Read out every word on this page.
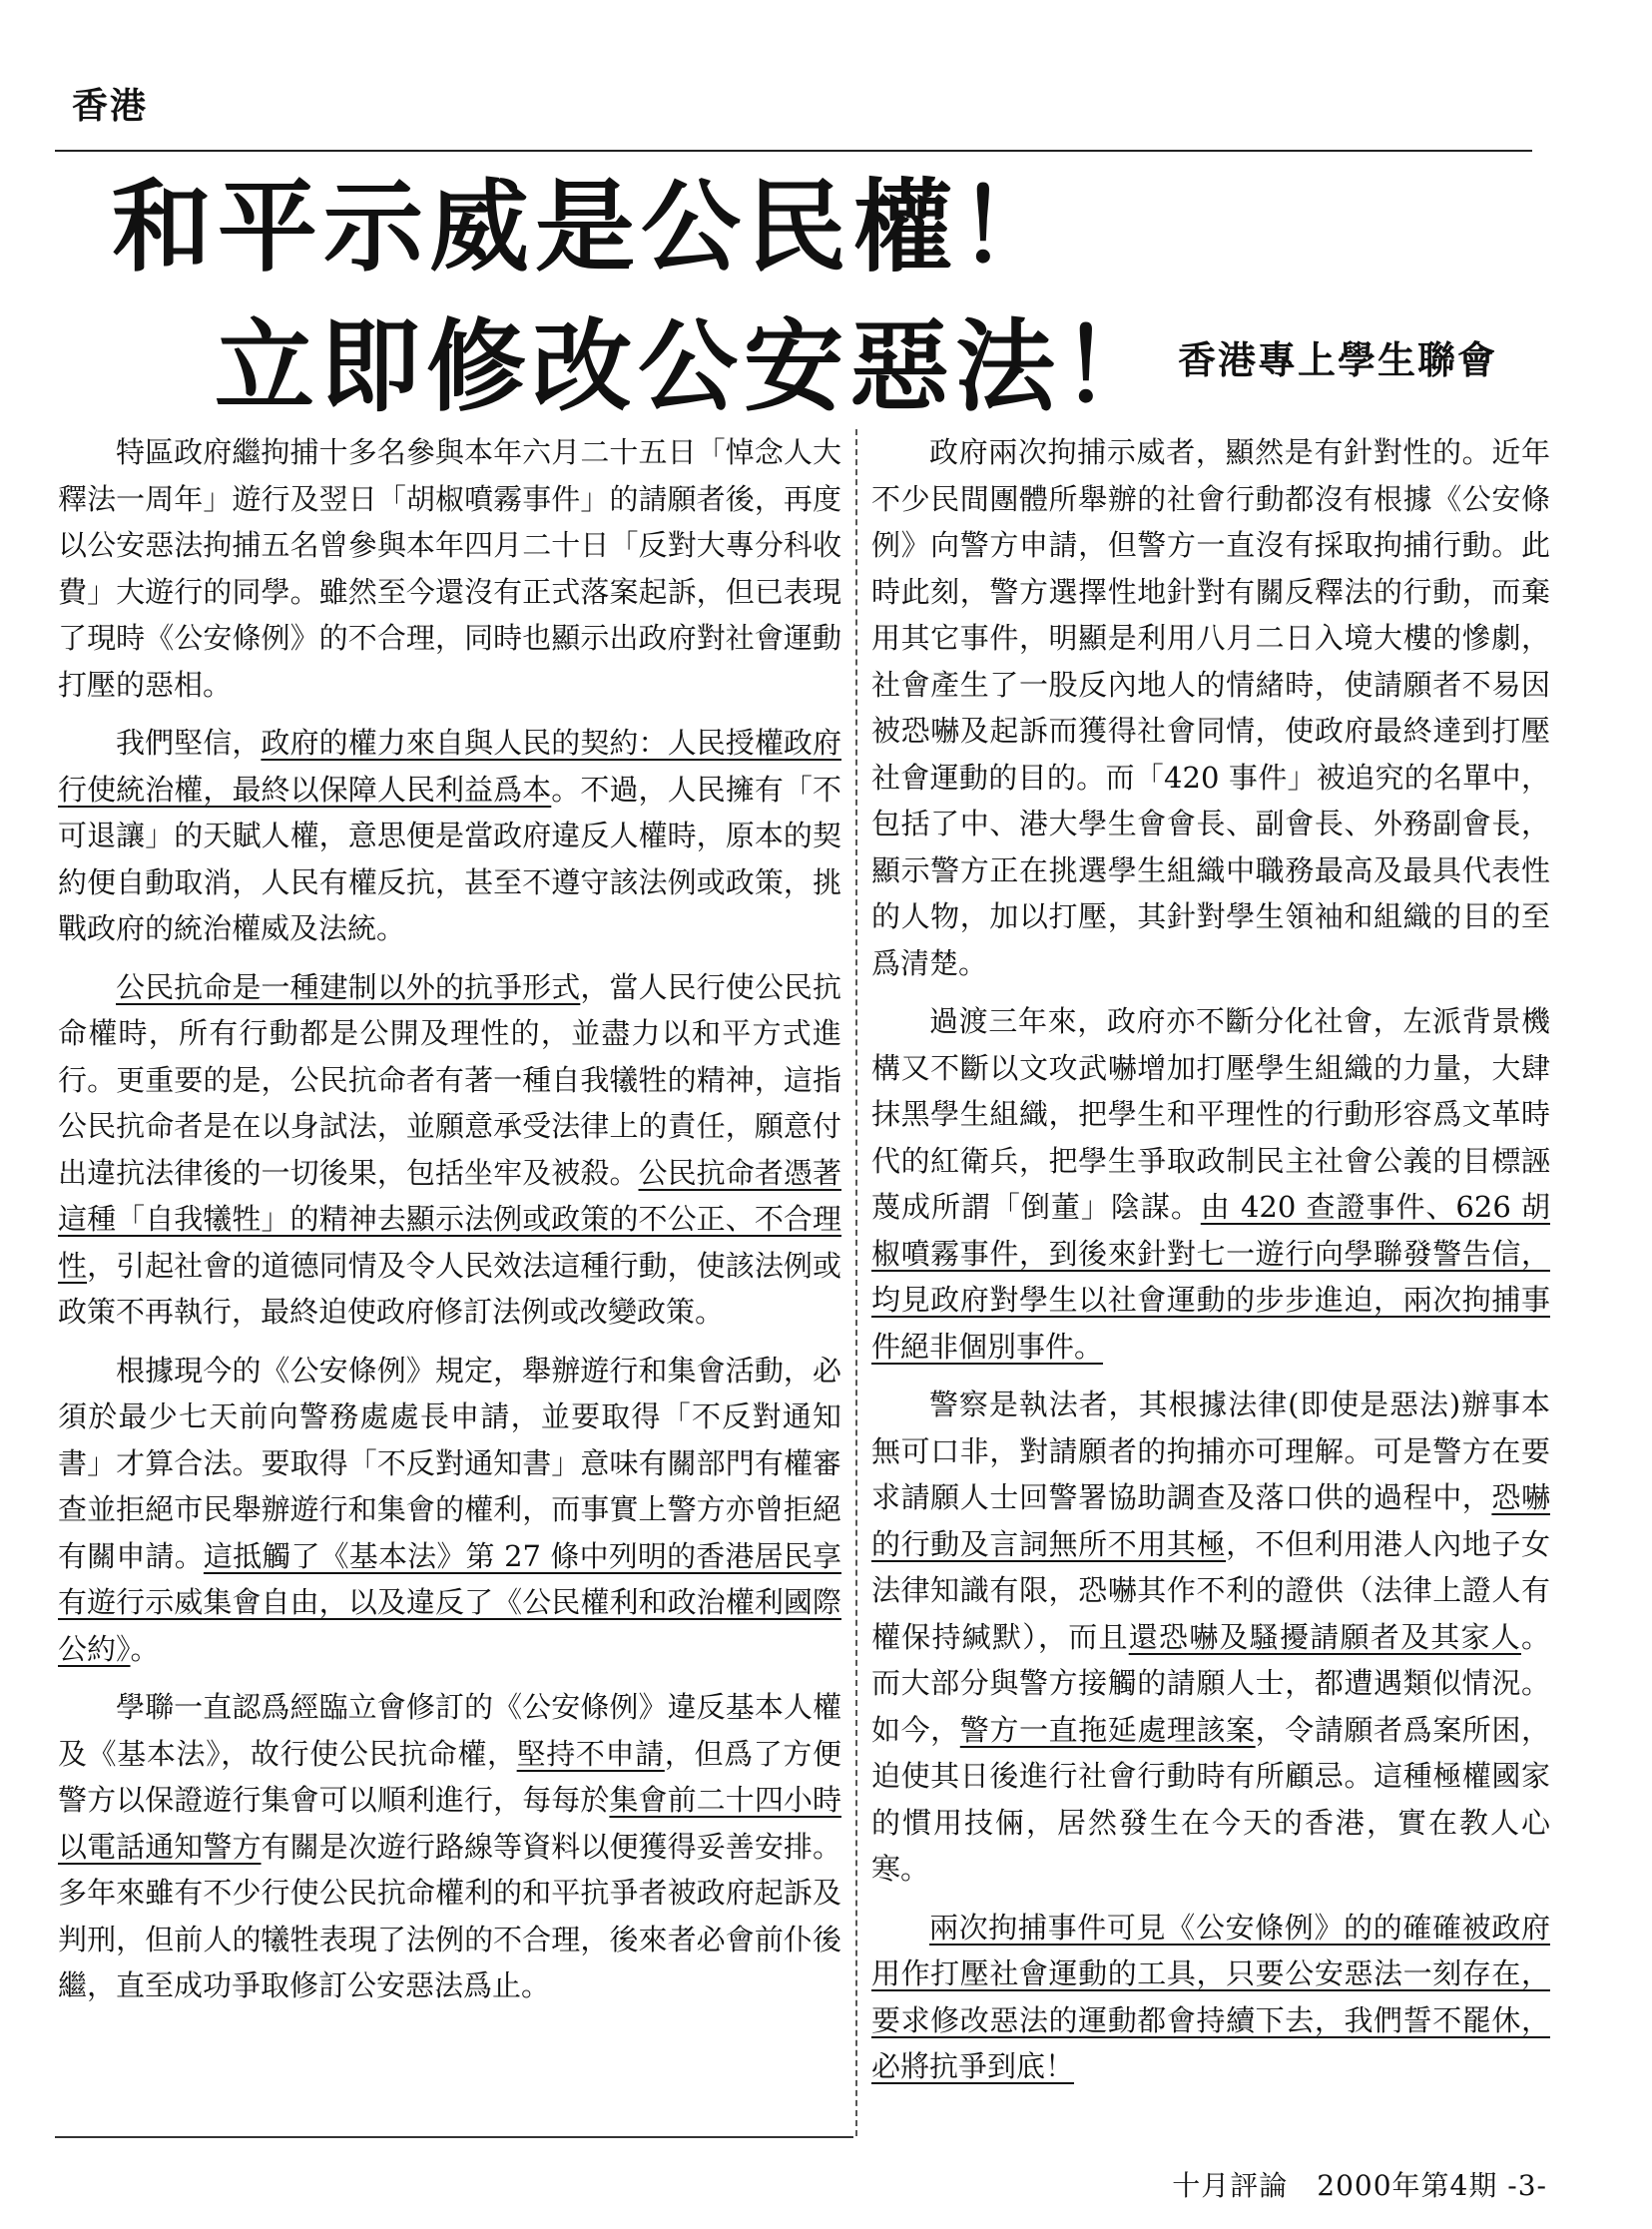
香港
和平示威是公民權！
立即修改公安惡法！ 香港專上學生聯會

特區政府繼拘捕十多名參與本年六月二十五日「悼念人大釋法一周年」遊行及翌日「胡椒噴霧事件」的請願者後，再度以公安惡法拘捕五名曾參與本年四月二十日「反對大專分科收費」大遊行的同學。雖然至今還沒有正式落案起訴，但已表現了現時《公安條例》的不合理，同時也顯示出政府對社會運動打壓的惡相。

我們堅信，政府的權力來自與人民的契約：人民授權政府行使統治權，最終以保障人民利益爲本。不過，人民擁有「不可退讓」的天賦人權，意思便是當政府違反人權時，原本的契約便自動取消，人民有權反抗，甚至不遵守該法例或政策，挑戰政府的統治權威及法統。

公民抗命是一種建制以外的抗爭形式，當人民行使公民抗命權時，所有行動都是公開及理性的，並盡力以和平方式進行。更重要的是，公民抗命者有著一種自我犧牲的精神，這指公民抗命者是在以身試法，並願意承受法律上的責任，願意付出違抗法律後的一切後果，包括坐牢及被殺。公民抗命者憑著這種「自我犧牲」的精神去顯示法例或政策的不公正、不合理性，引起社會的道德同情及令人民效法這種行動，使該法例或政策不再執行，最終迫使政府修訂法例或改變政策。

根據現今的《公安條例》規定，舉辦遊行和集會活動，必須於最少七天前向警務處處長申請，並要取得「不反對通知書」才算合法。要取得「不反對通知書」意味有關部門有權審查並拒絕市民舉辦遊行和集會的權利，而事實上警方亦曾拒絕有關申請。這抵觸了《基本法》第 27 條中列明的香港居民享有遊行示威集會自由，以及違反了《公民權利和政治權利國際公約》。

學聯一直認爲經臨立會修訂的《公安條例》違反基本人權及《基本法》，故行使公民抗命權，堅持不申請，但爲了方便警方以保證遊行集會可以順利進行，每每於集會前二十四小時以電話通知警方有關是次遊行路線等資料以便獲得妥善安排。多年來雖有不少行使公民抗命權利的和平抗爭者被政府起訴及判刑，但前人的犧牲表現了法例的不合理，後來者必會前仆後繼，直至成功爭取修訂公安惡法爲止。

政府兩次拘捕示威者，顯然是有針對性的。近年不少民間團體所舉辦的社會行動都沒有根據《公安條例》向警方申請，但警方一直沒有採取拘捕行動。此時此刻，警方選擇性地針對有關反釋法的行動，而棄用其它事件，明顯是利用八月二日入境大樓的慘劇，社會產生了一股反內地人的情緒時，使請願者不易因被恐嚇及起訴而獲得社會同情，使政府最終達到打壓社會運動的目的。而「420 事件」被追究的名單中，包括了中、港大學生會會長、副會長、外務副會長，顯示警方正在挑選學生組織中職務最高及最具代表性的人物，加以打壓，其針對學生領袖和組織的目的至爲清楚。

過渡三年來，政府亦不斷分化社會，左派背景機構又不斷以文攻武嚇增加打壓學生組織的力量，大肆抹黑學生組織，把學生和平理性的行動形容爲文革時代的紅衛兵，把學生爭取政制民主社會公義的目標誣蔑成所謂「倒董」陰謀。由 420 查證事件、626 胡椒噴霧事件，到後來針對七一遊行向學聯發警告信，均見政府對學生以社會運動的步步進迫，兩次拘捕事件絕非個別事件。

警察是執法者，其根據法律(即使是惡法)辦事本無可口非，對請願者的拘捕亦可理解。可是警方在要求請願人士回警署協助調查及落口供的過程中，恐嚇的行動及言詞無所不用其極，不但利用港人內地子女法律知識有限，恐嚇其作不利的證供（法律上證人有權保持緘默），而且還恐嚇及騷擾請願者及其家人。而大部分與警方接觸的請願人士，都遭遇類似情況。如今，警方一直拖延處理該案，令請願者爲案所困，迫使其日後進行社會行動時有所顧忌。這種極權國家的慣用技倆，居然發生在今天的香港，實在教人心寒。

兩次拘捕事件可見《公安條例》的的確確被政府用作打壓社會運動的工具，只要公安惡法一刻存在，要求修改惡法的運動都會持續下去，我們誓不罷休，必將抗爭到底！

十月評論　2000年第4期 -3-
